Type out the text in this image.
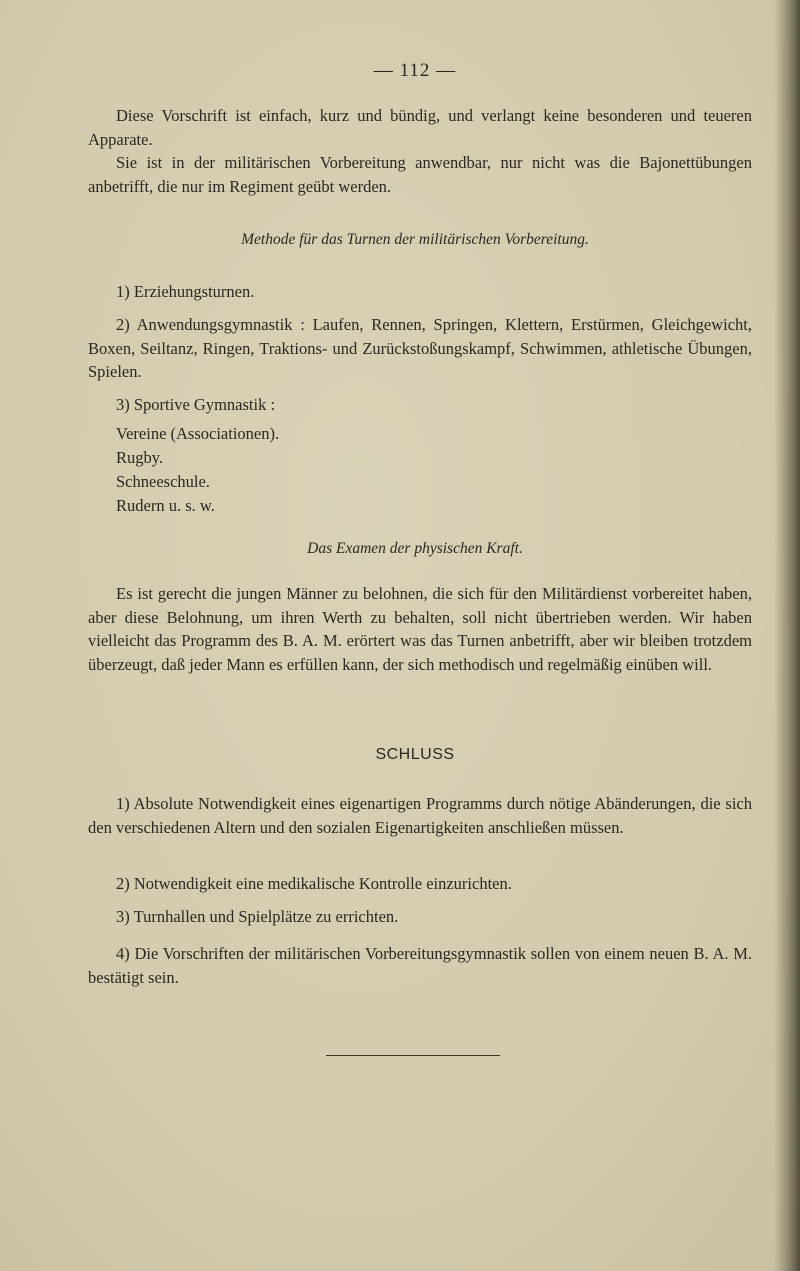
— 112 —
Diese Vorschrift ist einfach, kurz und bündig, und verlangt keine besonderen und teueren Apparate.
Sie ist in der militärischen Vorbereitung anwendbar, nur nicht was die Bajonettübungen anbetrifft, die nur im Regiment geübt werden.
Methode für das Turnen der militärischen Vorbereitung.
1) Erziehungsturnen.
2) Anwendungsgymnastik : Laufen, Rennen, Springen, Klettern, Erstürmen, Gleichgewicht, Boxen, Seiltanz, Ringen, Traktions- und Zurückstoßungskampf, Schwimmen, athletische Übungen, Spielen.
3) Sportive Gymnastik :
Vereine (Associationen).
Rugby.
Schneeschule.
Rudern u. s. w.
Das Examen der physischen Kraft.
Es ist gerecht die jungen Männer zu belohnen, die sich für den Militärdienst vorbereitet haben, aber diese Belohnung, um ihren Werth zu behalten, soll nicht übertrieben werden. Wir haben vielleicht das Programm des B. A. M. erörtert was das Turnen anbetrifft, aber wir bleiben trotzdem überzeugt, daß jeder Mann es erfüllen kann, der sich methodisch und regelmäßig einüben will.
SCHLUSS
1) Absolute Notwendigkeit eines eigenartigen Programms durch nötige Abänderungen, die sich den verschiedenen Altern und den sozialen Eigenartigkeiten anschließen müssen.
2) Notwendigkeit eine medikalische Kontrolle einzurichten.
3) Turnhallen und Spielplätze zu errichten.
4) Die Vorschriften der militärischen Vorbereitungsgymnastik sollen von einem neuen B. A. M. bestätigt sein.
